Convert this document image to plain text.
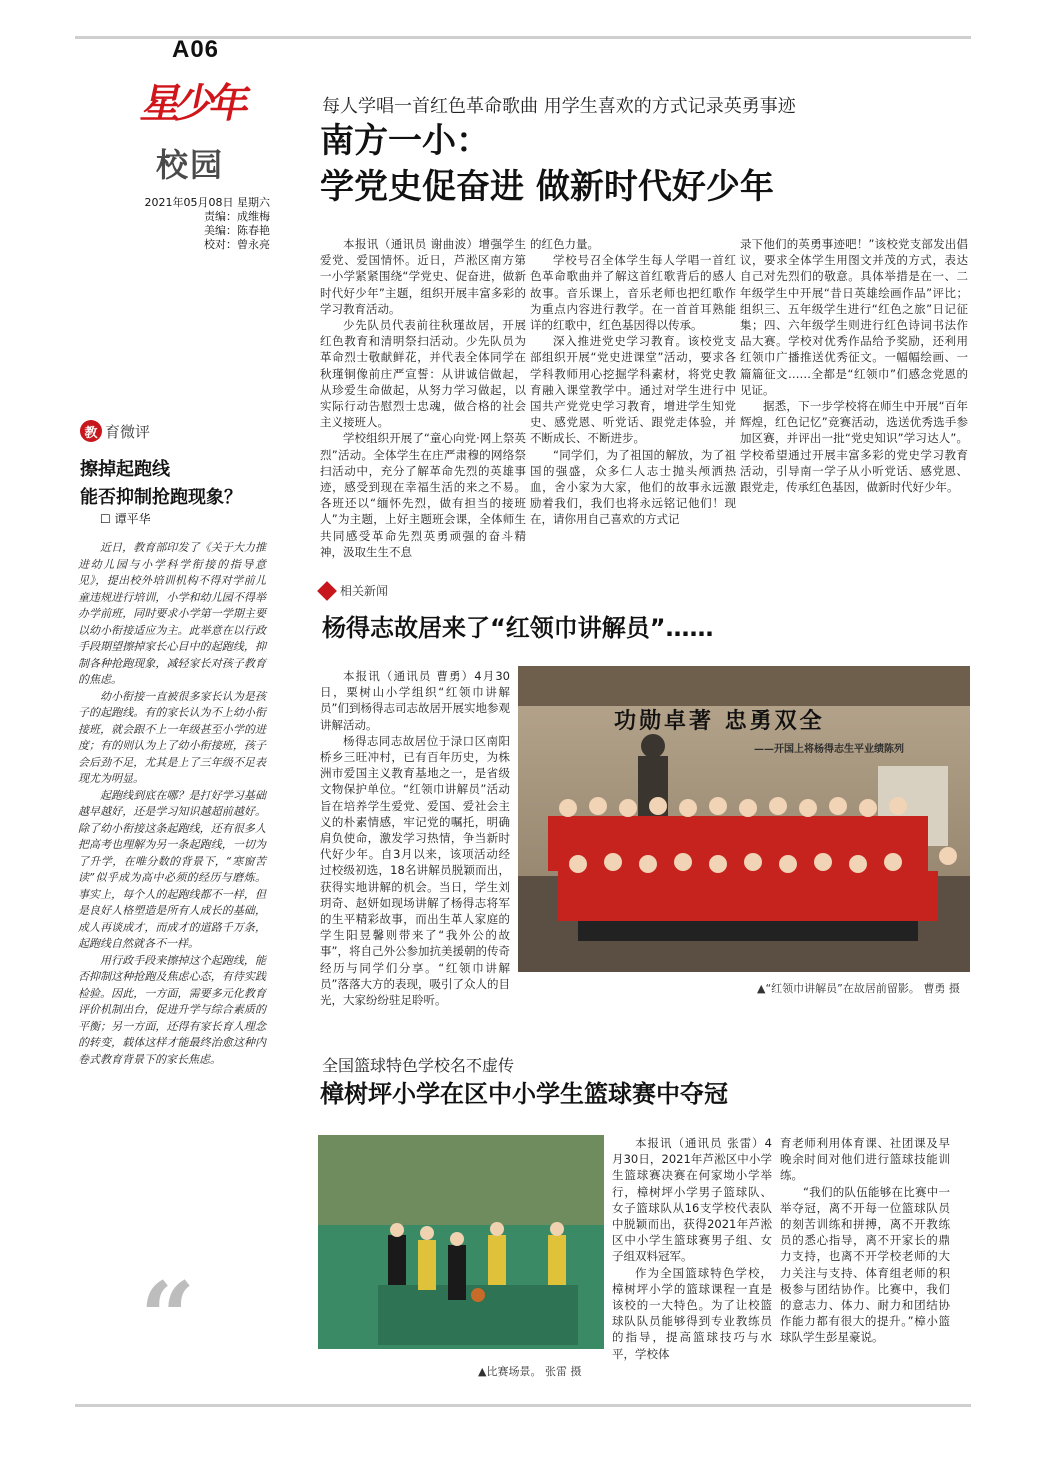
A06
星少年
校园
2021年05月08日 星期六
责编：成维梅
美编：陈春艳
校对：曾永亮
每人学唱一首红色革命歌曲 用学生喜欢的方式记录英勇事迹
南方一小：
学党史促奋进 做新时代好少年

本报讯（通讯员 谢曲波）增强学生爱党、爱国情怀。近日，芦淞区南方第一小学紧紧围绕“学党史、促奋进，做新时代好少年”主题，组织开展丰富多彩的学习教育活动。

少先队员代表前往秋瑾故居，开展红色教育和清明祭扫活动。少先队员为革命烈士敬献鲜花，并代表全体同学在秋瑾铜像前庄严宣誓：从讲诚信做起，从珍爱生命做起，从努力学习做起，以实际行动告慰烈士忠魂，做合格的社会主义接班人。

学校组织开展了“童心向党·网上祭英烈”活动。全体学生在庄严肃穆的网络祭扫活动中，充分了解革命先烈的英雄事迹，感受到现在幸福生活的来之不易。各班还以“缅怀先烈，做有担当的接班人”为主题，上好主题班会课，全体师生共同感受革命先烈英勇顽强的奋斗精神，汲取生生不息

的红色力量。

学校号召全体学生每人学唱一首红色革命歌曲并了解这首红歌背后的感人故事。音乐课上，音乐老师也把红歌作为重点内容进行教学。在一首首耳熟能详的红歌中，红色基因得以传承。

深入推进党史学习教育。该校党支部组织开展“党史进课堂”活动，要求各学科教师用心挖掘学科素材，将党史教育融入课堂教学中。通过对学生进行中国共产党党史学习教育，增进学生知党史、感党恩、听党话、跟党走体验，并不断成长、不断进步。

“同学们，为了祖国的解放，为了祖国的强盛，众多仁人志士抛头颅洒热血，舍小家为大家，他们的故事永远激励着我们，我们也将永远铭记他们！现在，请你用自己喜欢的方式记

录下他们的英勇事迹吧！”该校党支部发出倡议，要求全体学生用图文并茂的方式，表达自己对先烈们的敬意。具体举措是在一、二年级学生中开展“昔日英雄绘画作品”评比；组织三、五年级学生进行“红色之旅”日记征集；四、六年级学生则进行红色诗词书法作品大赛。学校对优秀作品给予奖励，还利用红领巾广播推送优秀征文。一幅幅绘画、一篇篇征文……全都是“红领巾”们感念党恩的见证。

据悉，下一步学校将在师生中开展“百年辉煌，红色记忆”竞赛活动，选送优秀选手参加区赛，并评出一批“党史知识”学习达人”。学校希望通过开展丰富多彩的党史学习教育活动，引导南一学子从小听党话、感党恩、跟党走，传承红色基因，做新时代好少年。

教 育微评
擦掉起跑线
能否抑制抢跑现象？
☐ 谭平华

近日，教育部印发了《关于大力推进幼儿园与小学科学衔接的指导意见》，提出校外培训机构不得对学前儿童违规进行培训，小学和幼儿园不得举办学前班，同时要求小学第一学期主要以幼小衔接适应为主。此举意在以行政手段期望擦掉家长心目中的起跑线，抑制各种抢跑现象，减轻家长对孩子教育的焦虑。

幼小衔接一直被很多家长认为是孩子的起跑线。有的家长认为不上幼小衔接班，就会跟不上一年级甚至小学的进度；有的则认为上了幼小衔接班，孩子会后劲不足，尤其是上了三年级不足表现尤为明显。

起跑线到底在哪？是打好学习基础越早越好，还是学习知识越超前越好。除了幼小衔接这条起跑线，还有很多人把高考也理解为另一条起跑线，一切为了升学，在唯分数的背景下，“寒窗苦读”似乎成为高中必须的经历与磨炼。事实上，每个人的起跑线都不一样，但是良好人格塑造是所有人成长的基础，成人再谈成才，而成才的道路千万条，起跑线自然就各不一样。

用行政手段来擦掉这个起跑线，能否抑制这种抢跑及焦虑心态，有待实践检验。因此，一方面，需要多元化教育评价机制出台，促进升学与综合素质的平衡；另一方面，还得有家长育人理念的转变，载体这样才能最终治愈这种内卷式教育背景下的家长焦虑。

“
相关新闻
杨得志故居来了“红领巾讲解员”……

本报讯（通讯员 曹勇）4月30日，栗树山小学组织“红领巾讲解员”们到杨得志司志故居开展实地参观讲解活动。

杨得志同志故居位于渌口区南阳桥乡三旺冲村，已有百年历史，为株洲市爱国主义教育基地之一，是省级文物保护单位。“红领巾讲解员”活动旨在培养学生爱党、爱国、爱社会主义的朴素情感，牢记党的嘱托，明确肩负使命，激发学习热情，争当新时代好少年。自3月以来，该项活动经过校级初选，18名讲解员脱颖而出，获得实地讲解的机会。当日，学生刘玥奇、赵妍如现场讲解了杨得志将军的生平精彩故事，而出生革人家庭的学生阳昱馨则带来了“我外公的故事”，将自己外公参加抗美援朝的传奇经历与同学们分享。“红领巾讲解员”落落大方的表现，吸引了众人的目光，大家纷纷驻足聆听。

功勋卓著 忠勇双全
——开国上将杨得志生平业绩陈列
▲“红领巾讲解员”在故居前留影。 曹勇 摄
全国篮球特色学校名不虚传
樟树坪小学在区中小学生篮球赛中夺冠
▲比赛场景。 张雷 摄

本报讯（通讯员 张雷）4月30日，2021年芦淞区中小学生篮球赛决赛在何家坳小学举行，樟树坪小学男子篮球队、女子篮球队从16支学校代表队中脱颖而出，获得2021年芦淞区中小学生篮球赛男子组、女子组双料冠军。

作为全国篮球特色学校，樟树坪小学的篮球课程一直是该校的一大特色。为了让校篮球队队员能够得到专业教练员的指导，提高篮球技巧与水平，学校体

育老师利用体育课、社团课及早晚余时间对他们进行篮球技能训练。

“我们的队伍能够在比赛中一举夺冠，离不开每一位篮球队员的刻苦训练和拼搏，离不开教练员的悉心指导，离不开家长的鼎力支持，也离不开学校老师的大力关注与支持、体育组老师的积极参与团结协作。比赛中，我们的意志力、体力、耐力和团结协作能力都有很大的提升。”樟小篮球队学生彭星豪说。
